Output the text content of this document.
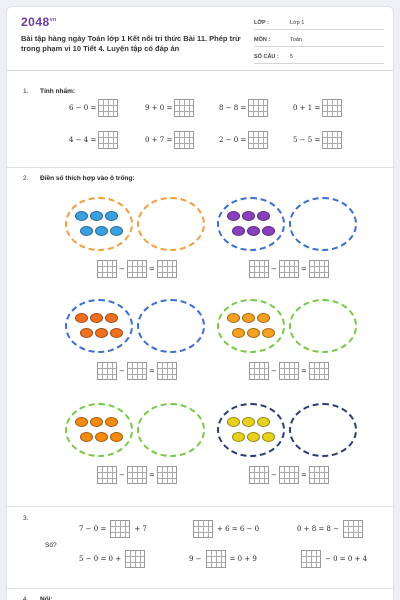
$2048^{vn}$
Bài tập hàng ngày Toán lớp 1 Kết nối tri thức Bài 11. Phép trừ trong phạm vi 10 Tiết 4. Luyện tập có đáp án
LỚP :	Lớp 1
MÔN :	Toán
SỐ CÂU : 5
1. Tính nhẩm:
6 − 0 =	9 + 0 =	8 − 8 =	0 + 1 =
4 − 4 =	0 + 7 =	2 − 0 =	5 − 5 =
2. Điền số thích hợp vào ô trống:
3.
Số?
7 − 0 =	+ 7	+ 6 = 6 − 0	0 + 8 = 8 −
5 − 0 = 0 +	9 −	= 0 + 9	− 0 = 0 + 4
4. Nối:
−	=	−	=
−	=	−	=
−	=	−	=
